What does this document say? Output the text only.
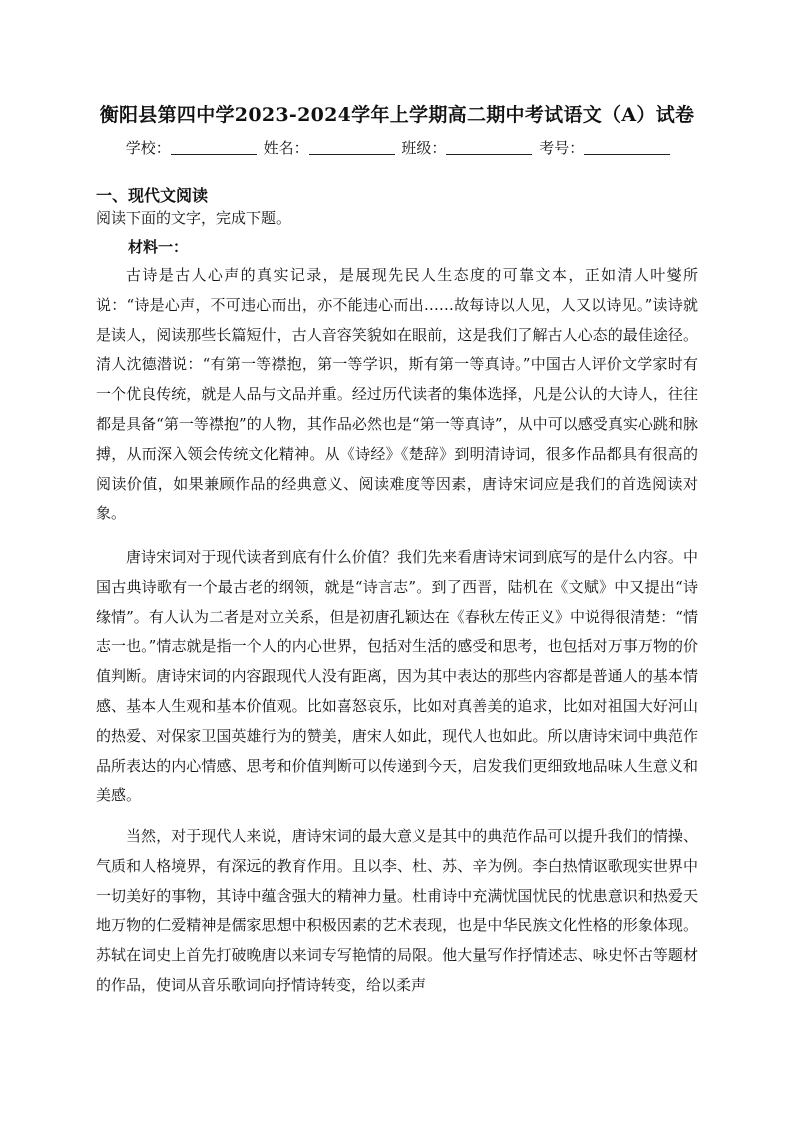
衡阳县第四中学2023-2024学年上学期高二期中考试语文（A）试卷
学校：	姓名：	班级：	考号：
一、现代文阅读
阅读下面的文字，完成下题。
材料一：

古诗是古人心声的真实记录，是展现先民人生态度的可靠文本，正如清人叶燮所说：“诗是心声，不可违心而出，亦不能违心而出……故每诗以人见，人又以诗见。”读诗就是读人，阅读那些长篇短什，古人音容笑貌如在眼前，这是我们了解古人心态的最佳途径。清人沈德潜说：“有第一等襟抱，第一等学识，斯有第一等真诗。”中国古人评价文学家时有一个优良传统，就是人品与文品并重。经过历代读者的集体选择，凡是公认的大诗人，往往都是具备“第一等襟抱”的人物，其作品必然也是“第一等真诗”，从中可以感受真实心跳和脉搏，从而深入领会传统文化精神。从《诗经》《楚辞》到明清诗词，很多作品都具有很高的阅读价值，如果兼顾作品的经典意义、阅读难度等因素，唐诗宋词应是我们的首选阅读对象。

唐诗宋词对于现代读者到底有什么价值？我们先来看唐诗宋词到底写的是什么内容。中国古典诗歌有一个最古老的纲领，就是“诗言志”。到了西晋，陆机在《文赋》中又提出“诗缘情”。有人认为二者是对立关系，但是初唐孔颖达在《春秋左传正义》中说得很清楚：“情志一也。”情志就是指一个人的内心世界，包括对生活的感受和思考，也包括对万事万物的价值判断。唐诗宋词的内容跟现代人没有距离，因为其中表达的那些内容都是普通人的基本情感、基本人生观和基本价值观。比如喜怒哀乐，比如对真善美的追求，比如对祖国大好河山的热爱、对保家卫国英雄行为的赞美，唐宋人如此，现代人也如此。所以唐诗宋词中典范作品所表达的内心情感、思考和价值判断可以传递到今天，启发我们更细致地品味人生意义和美感。

当然，对于现代人来说，唐诗宋词的最大意义是其中的典范作品可以提升我们的情操、气质和人格境界，有深远的教育作用。且以李、杜、苏、辛为例。李白热情讴歌现实世界中一切美好的事物，其诗中蕴含强大的精神力量。杜甫诗中充满忧国忧民的忧患意识和热爱天地万物的仁爱精神是儒家思想中积极因素的艺术表现，也是中华民族文化性格的形象体现。苏轼在词史上首先打破晚唐以来词专写艳情的局限。他大量写作抒情述志、咏史怀古等题材的作品，使词从音乐歌词向抒情诗转变，给以柔声
